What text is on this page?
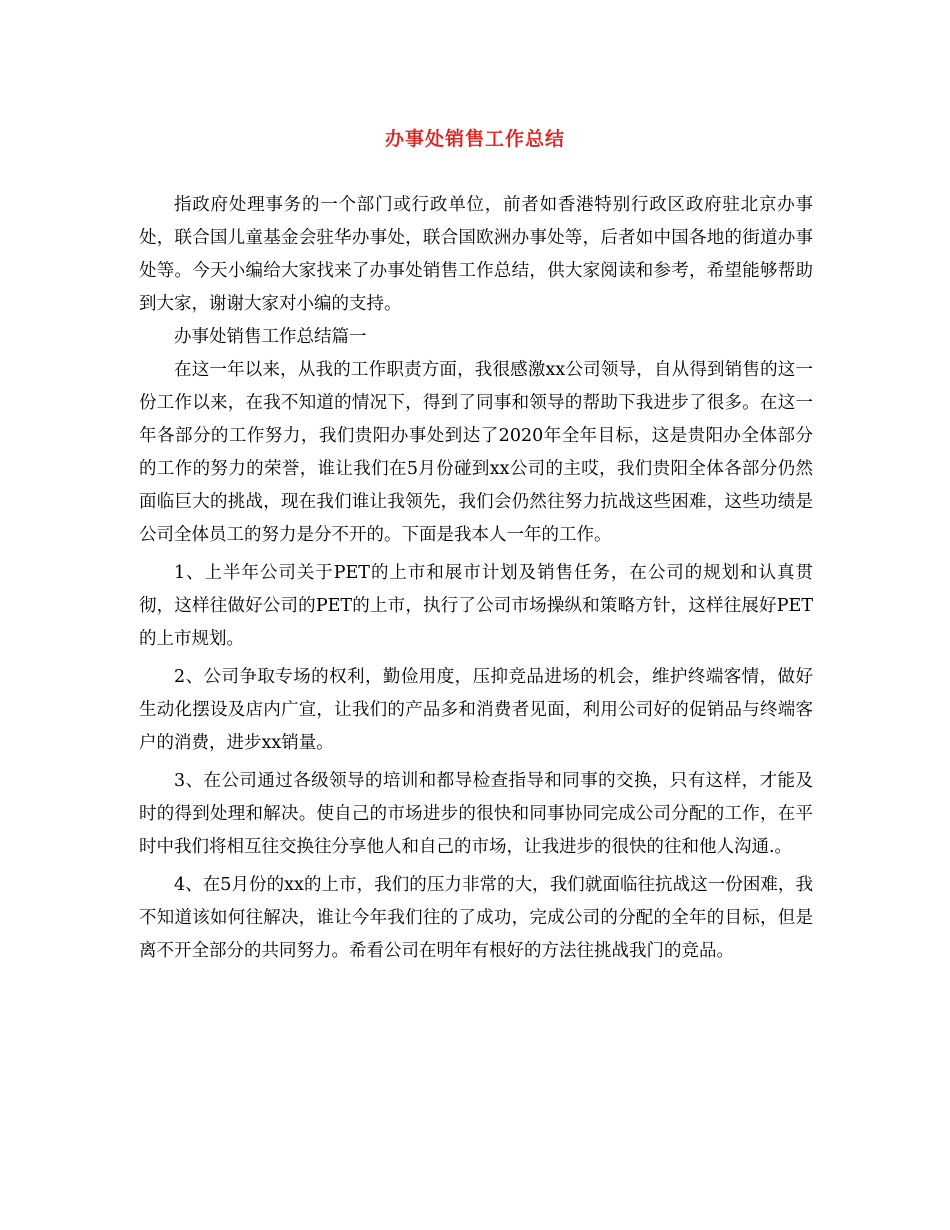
办事处销售工作总结

指政府处理事务的一个部门或行政单位，前者如香港特别行政区政府驻北京办事处，联合国儿童基金会驻华办事处，联合国欧洲办事处等，后者如中国各地的街道办事处等。今天小编给大家找来了办事处销售工作总结，供大家阅读和参考，希望能够帮助到大家，谢谢大家对小编的支持。

办事处销售工作总结篇一

在这一年以来，从我的工作职责方面，我很感激xx公司领导，自从得到销售的这一份工作以来，在我不知道的情况下，得到了同事和领导的帮助下我进步了很多。在这一年各部分的工作努力，我们贵阳办事处到达了2020年全年目标，这是贵阳办全体部分的工作的努力的荣誉，谁让我们在5月份碰到xx公司的主哎，我们贵阳全体各部分仍然面临巨大的挑战，现在我们谁让我领先，我们会仍然往努力抗战这些困难，这些功绩是公司全体员工的努力是分不开的。下面是我本人一年的工作。

1、上半年公司关于PET的上市和展市计划及销售任务，在公司的规划和认真贯彻，这样往做好公司的PET的上市，执行了公司市场操纵和策略方针，这样往展好PET的上市规划。

2、公司争取专场的权利，勤俭用度，压抑竞品进场的机会，维护终端客情，做好生动化摆设及店内广宣，让我们的产品多和消费者见面，利用公司好的促销品与终端客户的消费，进步xx销量。

3、在公司通过各级领导的培训和都导检查指导和同事的交换，只有这样，才能及时的得到处理和解决。使自己的市场进步的很快和同事协同完成公司分配的工作，在平时中我们将相互往交换往分享他人和自己的市场，让我进步的很快的往和他人沟通.。

4、在5月份的xx的上市，我们的压力非常的大，我们就面临往抗战这一份困难，我不知道该如何往解决，谁让今年我们往的了成功，完成公司的分配的全年的目标，但是离不开全部分的共同努力。希看公司在明年有根好的方法往挑战我门的竞品。
